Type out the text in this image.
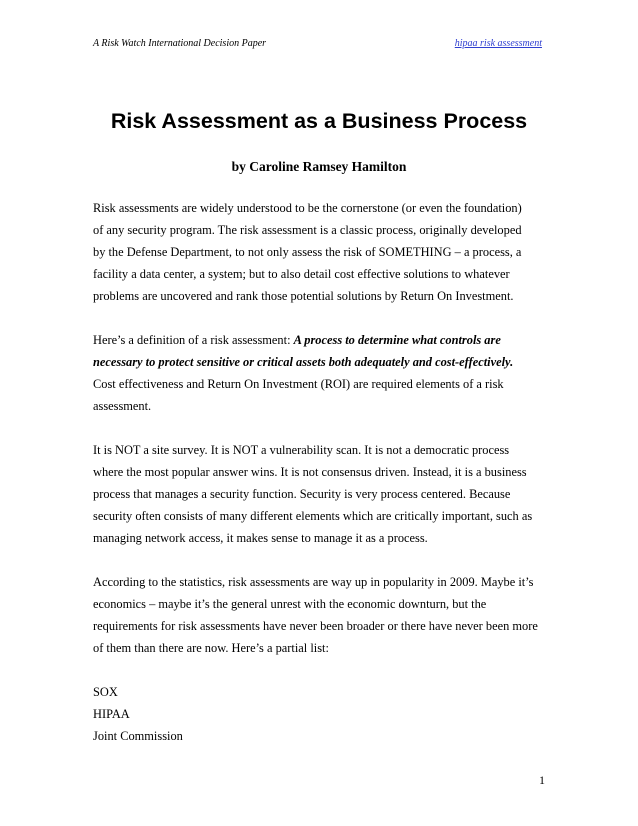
A Risk Watch International Decision Paper	hipaa risk assessment
Risk Assessment as a Business Process
by Caroline Ramsey Hamilton
Risk assessments are widely understood to be the cornerstone (or even the foundation)
of any security program. The risk assessment is a classic process, originally developed
by the Defense Department, to not only assess the risk of SOMETHING – a process, a
facility a data center, a system; but to also detail cost effective solutions to whatever
problems are uncovered and rank those potential solutions by Return On Investment.
Here’s a definition of a risk assessment: A process to determine what controls are
necessary to protect sensitive or critical assets both adequately and cost-effectively.
Cost effectiveness and Return On Investment (ROI) are required elements of a risk
assessment.
It is NOT a site survey. It is NOT a vulnerability scan. It is not a democratic process
where the most popular answer wins. It is not consensus driven. Instead, it is a business
process that manages a security function. Security is very process centered. Because
security often consists of many different elements which are critically important, such as
managing network access, it makes sense to manage it as a process.
According to the statistics, risk assessments are way up in popularity in 2009. Maybe it’s
economics – maybe it’s the general unrest with the economic downturn, but the
requirements for risk assessments have never been broader or there have never been more
of them than there are now. Here’s a partial list:
SOX
HIPAA
Joint Commission
1
